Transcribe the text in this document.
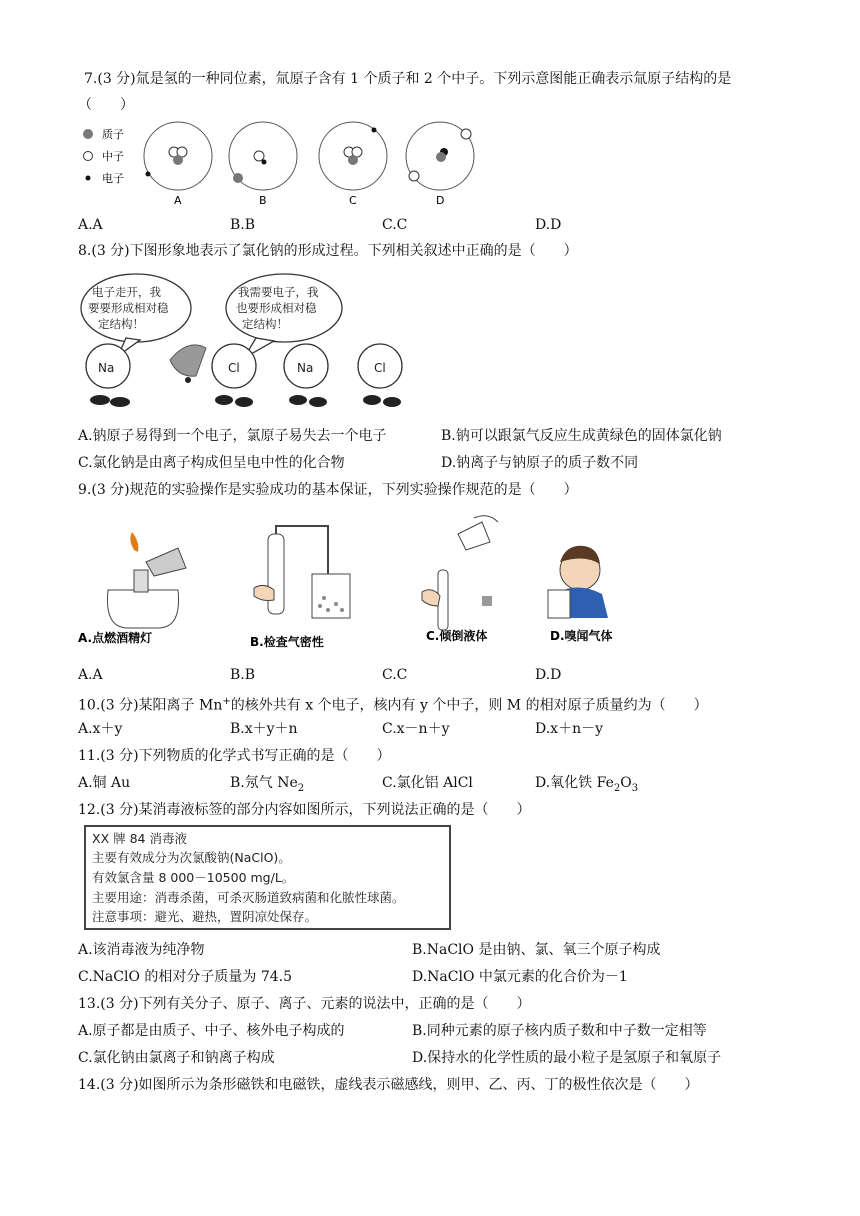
7.(3 分)氚是氢的一种同位素，氚原子含有 1 个质子和 2 个中子。下列示意图能正确表示氚原子结构的是
（　　）
质子
中子
电子
A	B	C	D
A.A	B.B	C.C	D.D
8.(3 分)下图形象地表示了氯化钠的形成过程。下列相关叙述中正确的是（　　）
电子走开，我
要要形成相对稳
定结构！
我需要电子，我
也要形成相对稳
定结构！
Na	Cl	Na	Cl
A.钠原子易得到一个电子，氯原子易失去一个电子	B.钠可以跟氯气反应生成黄绿色的固体氯化钠
C.氯化钠是由离子构成但呈电中性的化合物	D.钠离子与钠原子的质子数不同
9.(3 分)规范的实验操作是实验成功的基本保证，下列实验操作规范的是（　　）
A.点燃酒精灯	B.检查气密性	C.倾倒液体	D.嗅闻气体
A.A	B.B	C.C	D.D
10.(3 分)某阳离子 Mn+的核外共有 x 个电子，核内有 y 个中子，则 M 的相对原子质量约为（　　）
A.x＋y	B.x＋y＋n	C.x－n＋y	D.x＋n－y
11.(3 分)下列物质的化学式书写正确的是（　　）
A.铜 Au	B.氖气 $Ne_2$	C.氯化铝 AlCl	D.氧化铁 $Fe_2O_3$
12.(3 分)某消毒液标签的部分内容如图所示，下列说法正确的是（　　）
XX 牌 84 消毒液
主要有效成分为次氯酸钠(NaClO)。
有效氯含量 8 000－10500 mg/L。
主要用途：消毒杀菌，可杀灭肠道致病菌和化脓性球菌。
注意事项：避光、避热，置阴凉处保存。
A.该消毒液为纯净物	B.NaClO 是由钠、氯、氧三个原子构成
C.NaClO 的相对分子质量为 74.5	D.NaClO 中氯元素的化合价为－1
13.(3 分)下列有关分子、原子、离子、元素的说法中，正确的是（　　）
A.原子都是由质子、中子、核外电子构成的	B.同种元素的原子核内质子数和中子数一定相等
C.氯化钠由氯离子和钠离子构成	D.保持水的化学性质的最小粒子是氢原子和氧原子
14.(3 分)如图所示为条形磁铁和电磁铁，虚线表示磁感线，则甲、乙、丙、丁的极性依次是（　　）
